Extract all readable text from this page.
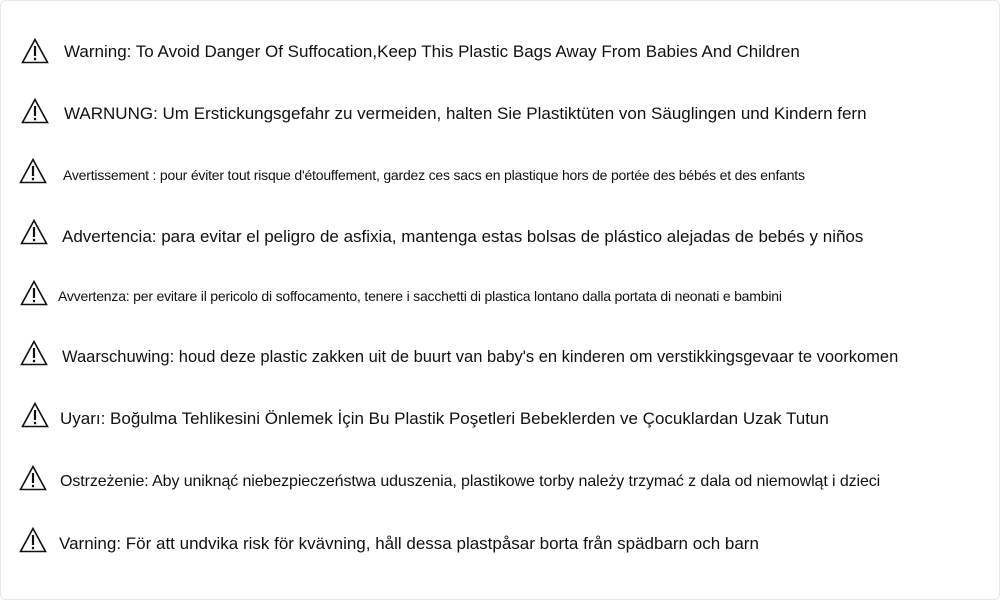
Warning: To Avoid Danger Of Suffocation,Keep This Plastic Bags Away From Babies And Children
WARNUNG: Um Erstickungsgefahr zu vermeiden, halten Sie Plastiktüten von Säuglingen und Kindern fern
Avertissement : pour éviter tout risque d'étouffement, gardez ces sacs en plastique hors de portée des bébés et des enfants
Advertencia: para evitar el peligro de asfixia, mantenga estas bolsas de plástico alejadas de bebés y niños
Avvertenza: per evitare il pericolo di soffocamento, tenere i sacchetti di plastica lontano dalla portata di neonati e bambini
Waarschuwing: houd deze plastic zakken uit de buurt van baby's en kinderen om verstikkingsgevaar te voorkomen
Uyarı: Boğulma Tehlikesini Önlemek İçin Bu Plastik Poşetleri Bebeklerden ve Çocuklardan Uzak Tutun
Ostrzeżenie: Aby uniknąć niebezpieczeństwa uduszenia, plastikowe torby należy trzymać z dala od niemowląt i dzieci
Varning: För att undvika risk för kvävning, håll dessa plastpåsar borta från spädbarn och barn
